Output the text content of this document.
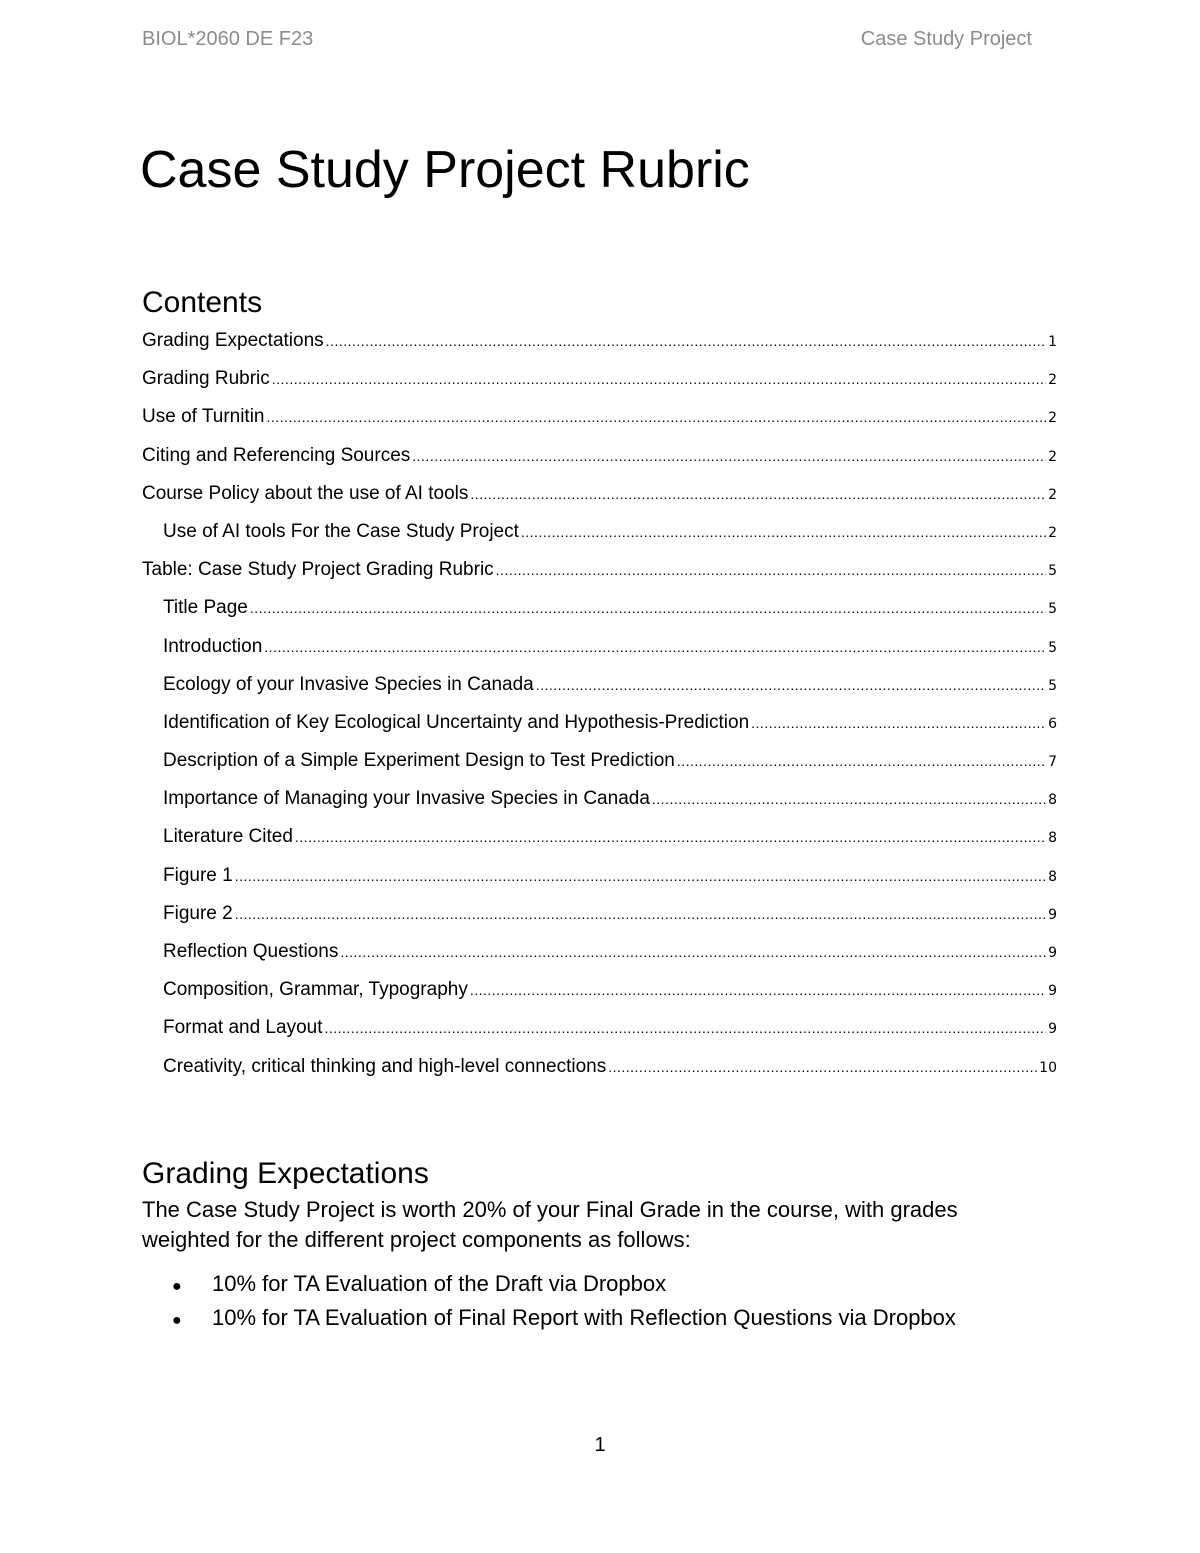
BIOL*2060 DE F23	Case Study Project
Case Study Project Rubric
Contents
Grading Expectations .....	1
Grading Rubric .....	2
Use of Turnitin .....	2
Citing and Referencing Sources .....	2
Course Policy about the use of AI tools .....	2
Use of AI tools For the Case Study Project .....	2
Table: Case Study Project Grading Rubric .....	5
Title Page .....	5
Introduction .....	5
Ecology of your Invasive Species in Canada .....	5
Identification of Key Ecological Uncertainty and Hypothesis-Prediction .....	6
Description of a Simple Experiment Design to Test Prediction .....	7
Importance of Managing your Invasive Species in Canada .....	8
Literature Cited .....	8
Figure 1 .....	8
Figure 2 .....	9
Reflection Questions .....	9
Composition, Grammar, Typography .....	9
Format and Layout .....	9
Creativity, critical thinking and high-level connections .....	10
Grading Expectations

The Case Study Project is worth 20% of your Final Grade in the course, with grades weighted for the different project components as follows:

●	10% for TA Evaluation of the Draft via Dropbox
●	10% for TA Evaluation of Final Report with Reflection Questions via Dropbox
1
